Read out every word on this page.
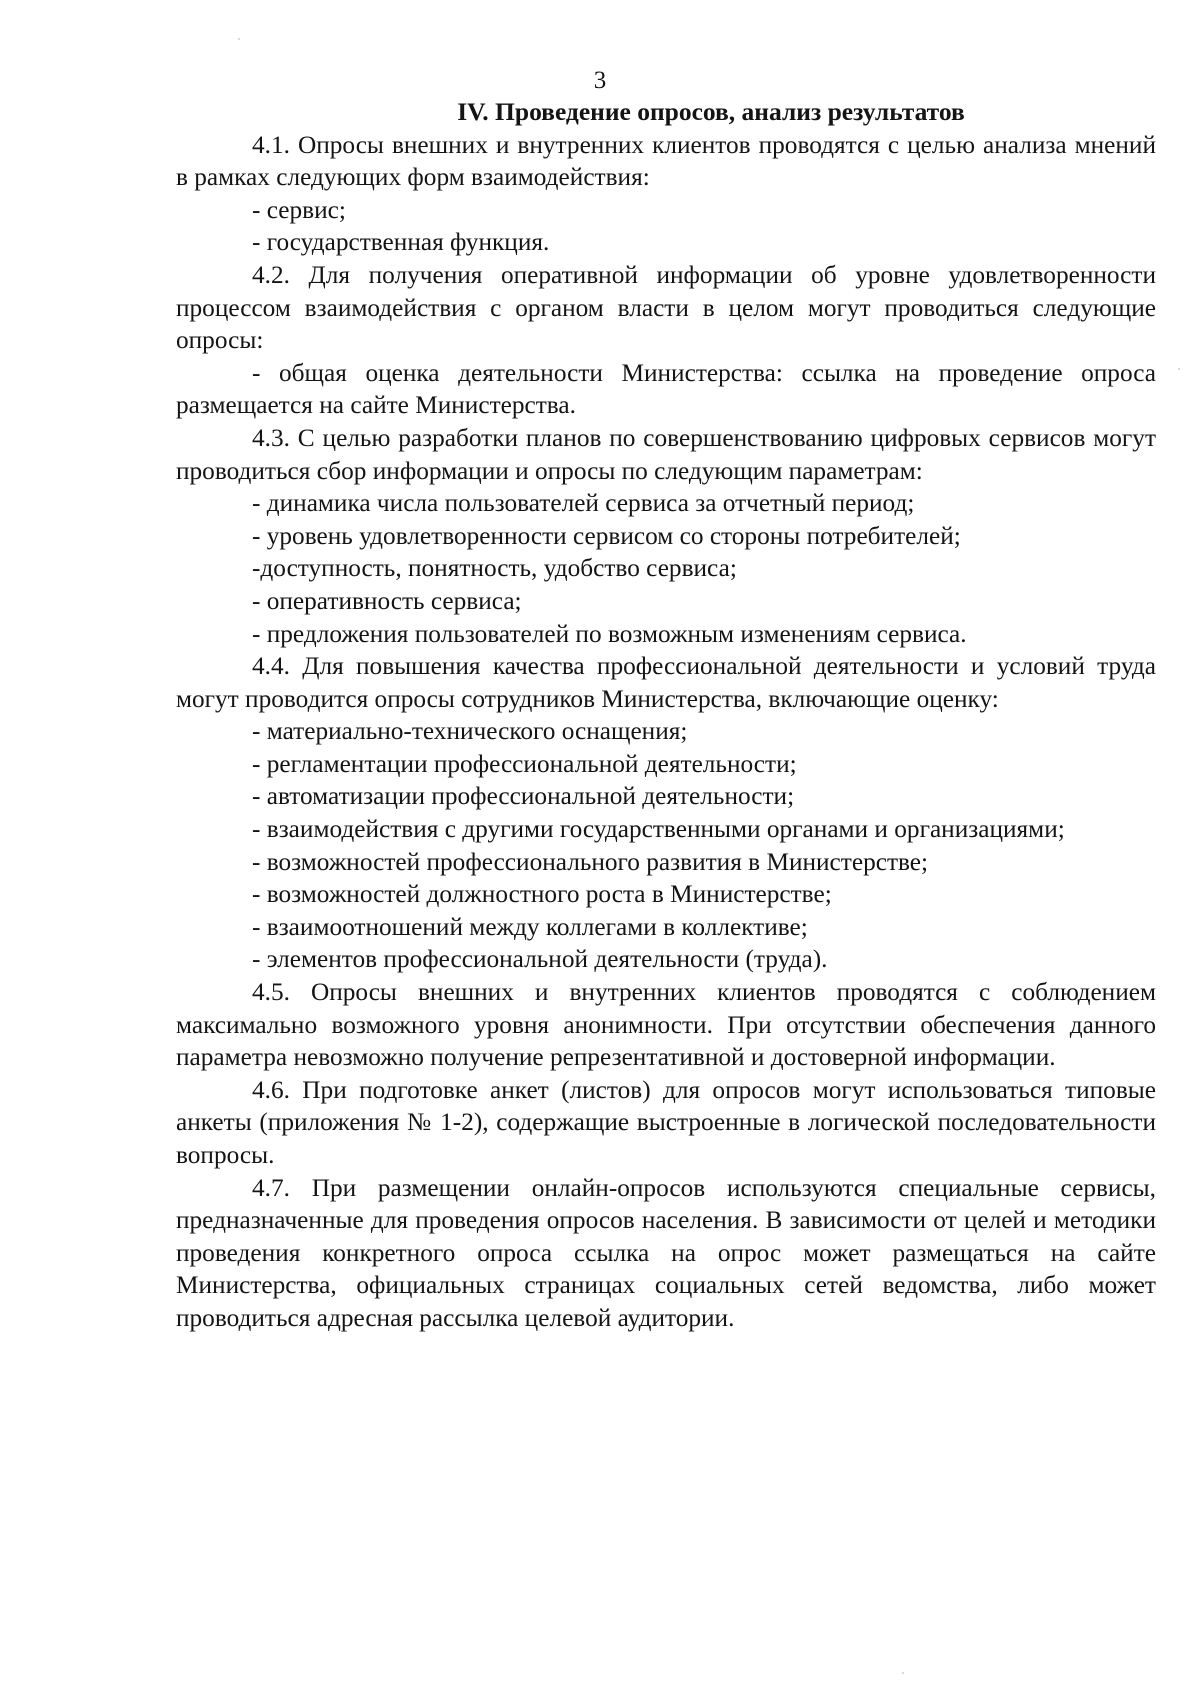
3
IV. Проведение опросов, анализ результатов

4.1. Опросы внешних и внутренних клиентов проводятся с целью анализа мнений в рамках следующих форм взаимодействия:

- сервис;

- государственная функция.

4.2. Для получения оперативной информации об уровне удовлетворенности процессом взаимодействия с органом власти в целом могут проводиться следующие опросы:

- общая оценка деятельности Министерства: ссылка на проведение опроса размещается на сайте Министерства.

4.3. С целью разработки планов по совершенствованию цифровых сервисов могут проводиться сбор информации и опросы по следующим параметрам:

- динамика числа пользователей сервиса за отчетный период;

- уровень удовлетворенности сервисом со стороны потребителей;

-доступность, понятность, удобство сервиса;

- оперативность сервиса;

- предложения пользователей по возможным изменениям сервиса.

4.4. Для повышения качества профессиональной деятельности и условий труда могут проводится опросы сотрудников Министерства, включающие оценку:

- материально-технического оснащения;

- регламентации профессиональной деятельности;

- автоматизации профессиональной деятельности;

- взаимодействия с другими государственными органами и организациями;

- возможностей профессионального развития в Министерстве;

- возможностей должностного роста в Министерстве;

- взаимоотношений между коллегами в коллективе;

- элементов профессиональной деятельности (труда).

4.5. Опросы внешних и внутренних клиентов проводятся с соблюдением максимально возможного уровня анонимности. При отсутствии обеспечения данного параметра невозможно получение репрезентативной и достоверной информации.

4.6. При подготовке анкет (листов) для опросов могут использоваться типовые анкеты (приложения № 1-2), содержащие выстроенные в логической последовательности вопросы.

4.7. При размещении онлайн-опросов используются специальные сервисы, предназначенные для проведения опросов населения. В зависимости от целей и методики проведения конкретного опроса ссылка на опрос может размещаться на сайте Министерства, официальных страницах социальных сетей ведомства, либо может проводиться адресная рассылка целевой аудитории.
